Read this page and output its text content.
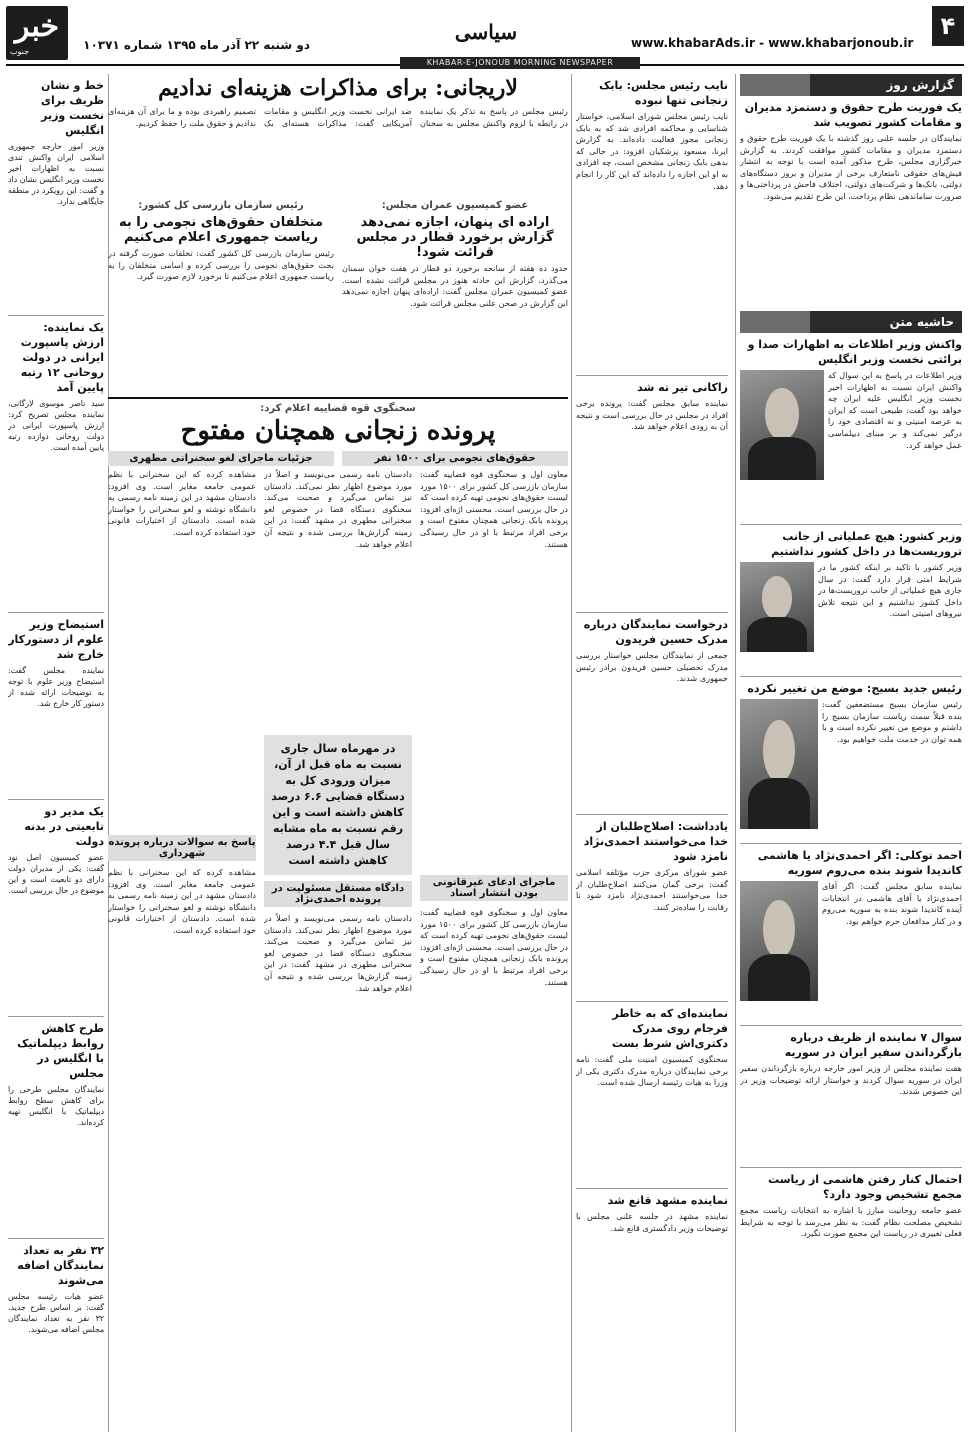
خبر
جنوب	دو شنبه ۲۲ آذر ماه ۱۳۹۵ شماره ۱۰۳۷۱
سیاسی	www.khabarAds.ir - www.khabarjonoub.ir
۴
KHABAR-E-JONOUB MORNING NEWSPAPER
گزارش روز
یک فوریت طرح حقوق و دستمزد مدیران و مقامات کشور تصویب شد
نمایندگان در جلسه علنی روز گذشته با یک فوریت طرح حقوق و دستمزد مدیران و مقامات کشور موافقت کردند. به گزارش خبرگزاری مجلس، طرح مذکور آمده است با توجه به انتشار فیش‌های حقوقی نامتعارف برخی از مدیران و بروز دستگاه‌های دولتی، بانک‌ها و شرکت‌های دولتی، اختلاف فاحش در پرداختی‌ها و ضرورت ساماندهی نظام پرداخت، این طرح تقدیم می‌شود.
حاشیه متن
واکنش وزیر اطلاعات به اظهارات صدا و برائتی نخست وزیر انگلیس
وزیر اطلاعات در پاسخ به این سوال که واکنش ایران نسبت به اظهارات اخیر نخست وزیر انگلیس علیه ایران چه خواهد بود گفت: طبیعی است که ایران به عرصه امنیتی و نه اقتصادی خود را درگیر نمی‌کند و بر مبنای دیپلماسی عمل خواهد کرد.
وزیر کشور: هیچ عملیاتی از جانب تروریست‌ها در داخل کشور نداشتیم
وزیر کشور با تاکید بر اینکه کشور ما در شرایط امنی قرار دارد گفت: در سال جاری هیچ عملیاتی از جانب تروریست‌ها در داخل کشور نداشتیم و این نتیجه تلاش نیروهای امنیتی است.
رئیس جدید بسیج: موضع من تغییر نکرده
رئیس سازمان بسیج مستضعفین گفت: بنده قبلاً سمت ریاست سازمان بسیج را داشتم و موضع من تغییر نکرده است و با همه توان در خدمت ملت خواهیم بود.
احمد توکلی: اگر احمدی‌نژاد یا هاشمی کاندیدا شوند بنده می‌روم سوریه
نماینده سابق مجلس گفت: اگر آقای احمدی‌نژاد یا آقای هاشمی در انتخابات آینده کاندیدا شوند بنده به سوریه می‌روم و در کنار مدافعان حرم خواهم بود.
سوال ۷ نماینده از ظریف درباره بازگرداندن سفیر ایران در سوریه
هفت نماینده مجلس از وزیر امور خارجه درباره بازگرداندن سفیر ایران در سوریه سوال کردند و خواستار ارائه توضیحات وزیر در این خصوص شدند.
احتمال کنار رفتن هاشمی از ریاست مجمع تشخیص وجود دارد؟
عضو جامعه روحانیت مبارز با اشاره به انتخابات ریاست مجمع تشخیص مصلحت نظام گفت: به نظر می‌رسد با توجه به شرایط فعلی تغییری در ریاست این مجمع صورت نگیرد.
نایب رئیس مجلس: بابک زنجانی تنها نبوده
نایب رئیس مجلس شورای اسلامی، خواستار شناسایی و محاکمه افرادی شد که به بابک زنجانی مجوز فعالیت داده‌اند. به گزارش ایرنا، مسعود پزشکیان افزود: در حالی که بدهی بابک زنجانی مشخص است، چه افرادی به او این اجازه را داده‌اند که این کار را انجام دهد.
زاکانی تیر ته شد
نماینده سابق مجلس گفت: پرونده برخی افراد در مجلس در حال بررسی است و نتیجه آن به زودی اعلام خواهد شد.
درخواست نمایندگان درباره مدرک حسین فریدون
جمعی از نمایندگان مجلس خواستار بررسی مدرک تحصیلی حسین فریدون برادر رئیس جمهوری شدند.
یادداشت: اصلاح‌طلبان از خدا می‌خواستند احمدی‌نژاد نامزد شود
عضو شورای مرکزی حزب مؤتلفه اسلامی گفت: برخی گمان می‌کنند اصلاح‌طلبان از خدا می‌خواستند احمدی‌نژاد نامزد شود تا رقابت را ساده‌تر کنند.
نماینده‌ای که به‌ خاطر فرجام روی مدرک دکتری‌اش شرط بست
سخنگوی کمیسیون امنیت ملی گفت: نامه برخی نمایندگان درباره مدرک دکتری یکی از وزرا به هیات رئیسه ارسال شده است.
نماینده مشهد قانع شد
نماینده مشهد در جلسه علنی مجلس با توضیحات وزیر دادگستری قانع شد.
لاریجانی: برای مذاکرات هزینه‌ای ندادیم
رئیس مجلس در پاسخ به تذکر یک نماینده در رابطه با لزوم واکنش مجلس به سخنان ضد ایرانی نخست وزیر انگلیس و مقامات آمریکایی گفت: مذاکرات هسته‌ای یک تصمیم راهبردی بوده و ما برای آن هزینه‌ای ندادیم و حقوق ملت را حفظ کردیم.
عضو کمیسیون عمران مجلس:
اراده ای پنهان، اجازه نمی‌دهد گزارش برخورد قطار در مجلس قرائت شود!
حدود ده هفته از سانحه برخورد دو قطار در هفت خوان سمنان می‌گذرد، گزارش این حادثه هنوز در مجلس قرائت نشده است. عضو کمیسیون عمران مجلس گفت: اراده‌ای پنهان اجازه نمی‌دهد این گزارش در صحن علنی مجلس قرائت شود.
رئیس سازمان بازرسی کل کشور:
متخلفان حقوق‌های نجومی را به ریاست جمهوری اعلام می‌کنیم
رئیس سازمان بازرسی کل کشور گفت: تخلفات صورت گرفته در بحث حقوق‌های نجومی را بررسی کرده و اسامی متخلفان را به ریاست جمهوری اعلام می‌کنیم تا برخورد لازم صورت گیرد.
سخنگوی قوه قضاییه اعلام کرد:
پرونده زنجانی همچنان مفتوح
حقوق‌های نجومی برای ۱۵۰۰ نفر
جزئیات ماجرای لغو سخنرانی مطهری
معاون اول و سخنگوی قوه قضاییه گفت: سازمان بازرسی کل کشور برای ۱۵۰۰ مورد لیست حقوق‌های نجومی تهیه کرده است که در حال بررسی است. محسنی اژه‌ای افزود: پرونده بابک زنجانی همچنان مفتوح است و برخی افراد مرتبط با او در حال رسیدگی هستند.
ماجرای ادعای غیرقانونی بودن انتشار اسناد
معاون اول و سخنگوی قوه قضاییه گفت: سازمان بازرسی کل کشور برای ۱۵۰۰ مورد لیست حقوق‌های نجومی تهیه کرده است که در حال بررسی است. محسنی اژه‌ای افزود: پرونده بابک زنجانی همچنان مفتوح است و برخی افراد مرتبط با او در حال رسیدگی هستند.
دادستان نامه رسمی می‌نویسد و اصلاً در مورد موضوع اظهار نظر نمی‌کند. دادستان نیز تماس می‌گیرد و صحبت می‌کند. سخنگوی دستگاه قضا در خصوص لغو سخنرانی مطهری در مشهد گفت: در این زمینه گزارش‌ها بررسی شده و نتیجه آن اعلام خواهد شد.
در مهرماه سال جاری نسبت به ماه قبل از آن، میزان ورودی کل به دستگاه قضایی ۶.۶ درصد کاهش داشته است و این رقم نسبت به ماه مشابه سال قبل ۴.۴ درصد کاهش داشته است
دادگاه مستقل مسئولیت در پرونده احمدی‌نژاد
دادستان نامه رسمی می‌نویسد و اصلاً در مورد موضوع اظهار نظر نمی‌کند. دادستان نیز تماس می‌گیرد و صحبت می‌کند. سخنگوی دستگاه قضا در خصوص لغو سخنرانی مطهری در مشهد گفت: در این زمینه گزارش‌ها بررسی شده و نتیجه آن اعلام خواهد شد.
مشاهده کرده که این سخنرانی با نظم عمومی جامعه مغایر است. وی افزود: دادستان مشهد در این زمینه نامه رسمی به دانشگاه نوشته و لغو سخنرانی را خواستار شده است. دادستان از اختیارات قانونی خود استفاده کرده است.
پاسخ به سوالات درباره پرونده شهرداری
مشاهده کرده که این سخنرانی با نظم عمومی جامعه مغایر است. وی افزود: دادستان مشهد در این زمینه نامه رسمی به دانشگاه نوشته و لغو سخنرانی را خواستار شده است. دادستان از اختیارات قانونی خود استفاده کرده است.
خط و نشان ظریف برای نخست وزیر انگلیس
وزیر امور خارجه جمهوری اسلامی ایران واکنش تندی نسبت به اظهارات اخیر نخست وزیر انگلیس نشان داد و گفت: این رویکرد در منطقه جایگاهی ندارد.
یک نماینده: ارزش پاسپورت ایرانی در دولت روحانی ۱۲ رتبه پایین آمد
سید ناصر موسوی لارگانی، نماینده مجلس تصریح کرد: ارزش پاسپورت ایرانی در دولت روحانی دوازده رتبه پایین آمده است.
استیضاح وزیر علوم از دستورکار خارج شد
نماینده مجلس گفت: استیضاح وزیر علوم با توجه به توضیحات ارائه شده از دستور کار خارج شد.
یک مدیر دو تابعیتی در بدنه دولت
عضو کمیسیون اصل نود گفت: یکی از مدیران دولت دارای دو تابعیت است و این موضوع در حال بررسی است.
طرح کاهش روابط دیپلماتیک با انگلیس در مجلس
نمایندگان مجلس طرحی را برای کاهش سطح روابط دیپلماتیک با انگلیس تهیه کرده‌اند.
۳۲ نفر به تعداد نمایندگان اضافه می‌شوند
عضو هیات رئیسه مجلس گفت: بر اساس طرح جدید، ۳۲ نفر به تعداد نمایندگان مجلس اضافه می‌شوند.
